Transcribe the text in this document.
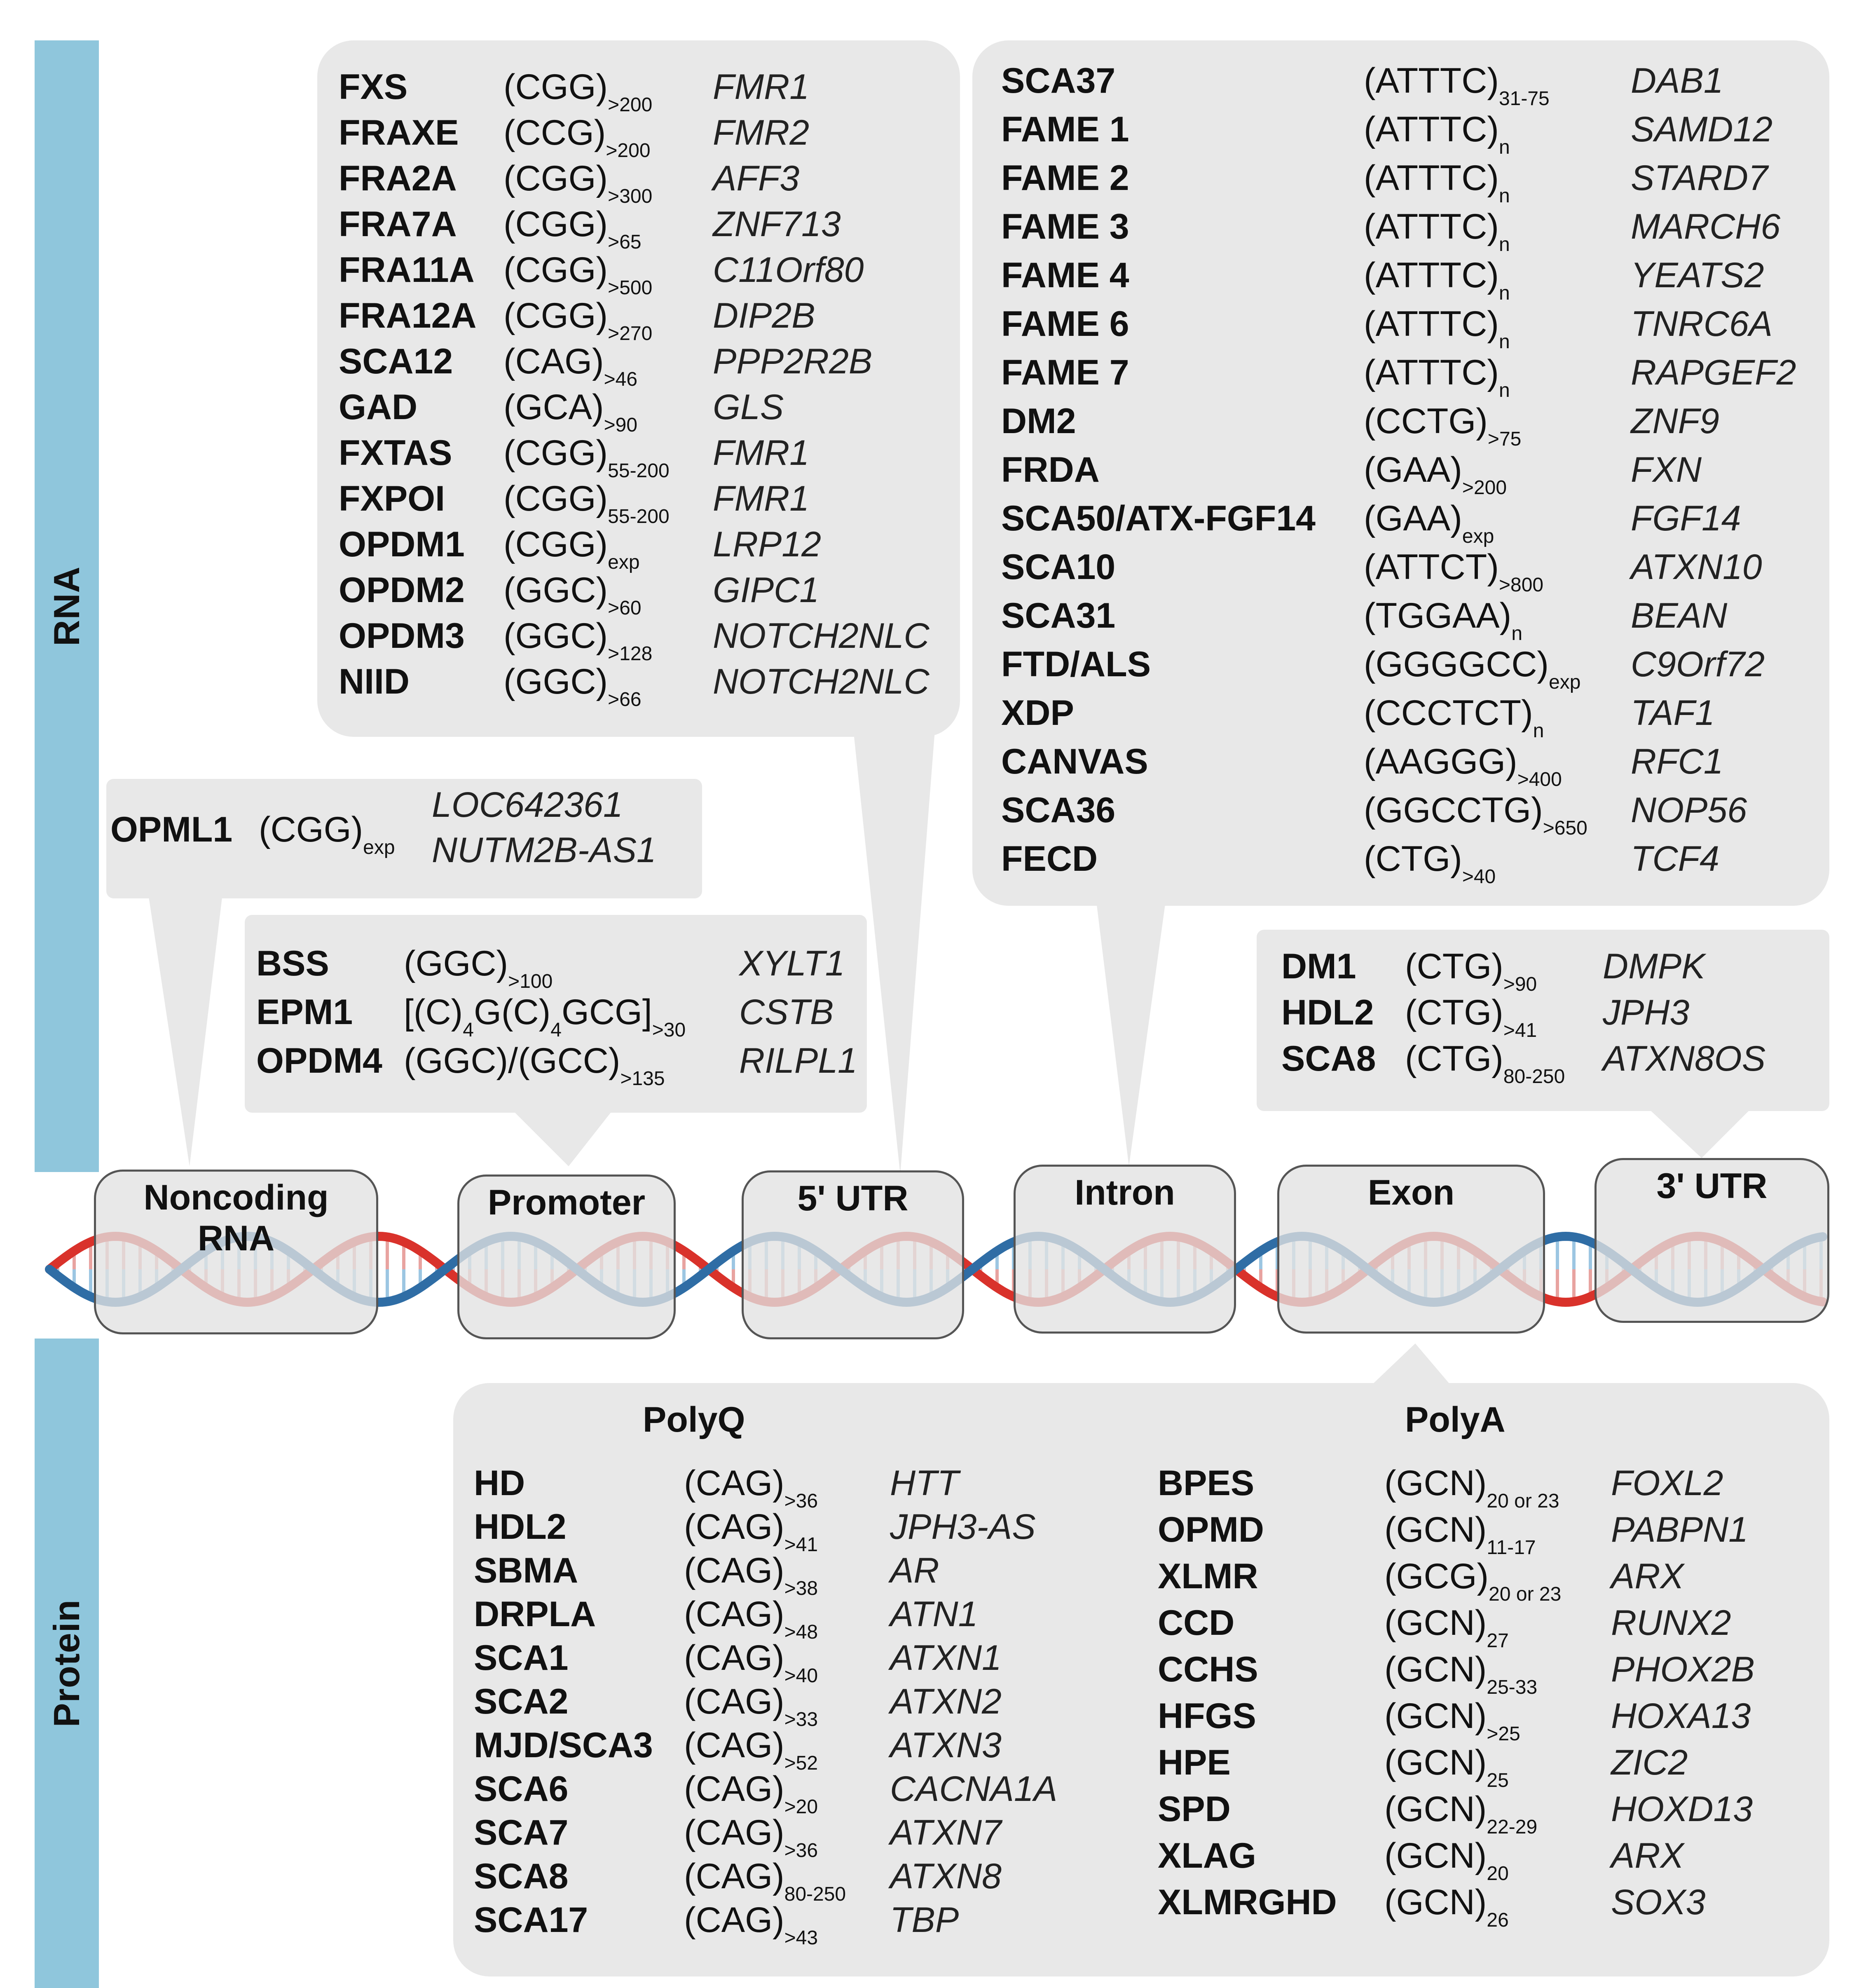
RNA
Protein
FXS	$(CGG)_{>200}$ FMR1
FRAXE $(CCG)_{>200}$ FMR2
FRA2A $(CGG)_{>300}$ AFF3
FRA7A $(CGG)_{>65}$ ZNF713
FRA11A $(CGG)_{>500}$ C11Orf80
FRA12A $(CGG)_{>270}$ DIP2B
SCA12 $(CAG)_{>46}$ PPP2R2B
GAD $(GCA)_{>90}$ GLS
FXTAS $(CGG)_{55-200}$ FMR1
FXPOI $(CGG)_{55-200}$ FMR1
OPDM1 $(CGG)_{exp}$ LRP12
OPDM2 $(GGC)_{>60}$ GIPC1
OPDM3 $(GGC)_{>128}$ NOTCH2NLC
NIID	$(GGC)_{>66}$ NOTCH2NLC
SCA37	$(ATTTC)_{31-75}$ DAB1
FAME 1	$(ATTTC)_n$	SAMD12
FAME 2	$(ATTTC)_n$	STARD7
FAME 3	$(ATTTC)_n$	MARCH6
FAME 4	$(ATTTC)_n$	YEATS2
FAME 6	$(ATTTC)_n$	TNRC6A
FAME 7	$(ATTTC)_n$	RAPGEF2
DM2	$(CCTG)_{>75}$	ZNF9
FRDA	$(GAA)_{>200}$	FXN
SCA50/ATX-FGF14 $(GAA)_{exp}$	FGF14
SCA10	$(ATTCT)_{>800}$ ATXN10
SCA31	$(TGGAA)_n$	BEAN
FTD/ALS	$(GGGGCC)_{exp}$ C9Orf72
XDP	$(CCCTCT)_n$ TAF1
CANVAS	$(AAGGG)_{>400}$ RFC1
SCA36	$(GGCCTG)_{>650}$ NOP56
FECD	$(CTG)_{>40}$	TCF4
OPML1 $(CGG)_{exp}$
LOC642361
NUTM2B-AS1
BSS $(GGC)_{>100}$	XYLT1
EPM1 $[(C)_4G(C)_4GCG]_{>30}$ CSTB
OPDM4 $(GGC)/(GCC)_{>135}$ RILPL1
DM1 $(CTG)_{>90}$ DMPK
HDL2 $(CTG)_{>41}$ JPH3
SCA8 $(CTG)_{80-250}$ ATXN8OS
PolyQ	PolyA
HD	$(CAG)_{>36}$ HTT
HDL2	$(CAG)_{>41}$ JPH3-AS
SBMA	$(CAG)_{>38}$ AR
DRPLA $(CAG)_{>48}$ ATN1
SCA1	$(CAG)_{>40}$ ATXN1
SCA2	$(CAG)_{>33}$ ATXN2
MJD/SCA3 $(CAG)_{>52}$ ATXN3
SCA6	$(CAG)_{>20}$ CACNA1A
SCA7	$(CAG)_{>36}$ ATXN7
SCA8	$(CAG)_{80-250}$ ATXN8
SCA17	$(CAG)_{>43}$ TBP
BPES	$(GCN)_{20 or 23}$ FOXL2
OPMD	$(GCN)_{11-17}$ PABPN1
XLMR	$(GCG)_{20 or 23}$ ARX
CCD	$(GCN)_{27}$	RUNX2
CCHS	$(GCN)_{25-33}$ PHOX2B
HFGS	$(GCN)_{>25}$	HOXA13
HPE	$(GCN)_{25}$	ZIC2
SPD	$(GCN)_{22-29}$ HOXD13
XLAG	$(GCN)_{20}$	ARX
XLMRGHD $(GCN)_{26}$	SOX3
Noncoding
RNA
Promoter	5' UTR	Intron	Exon	3' UTR
